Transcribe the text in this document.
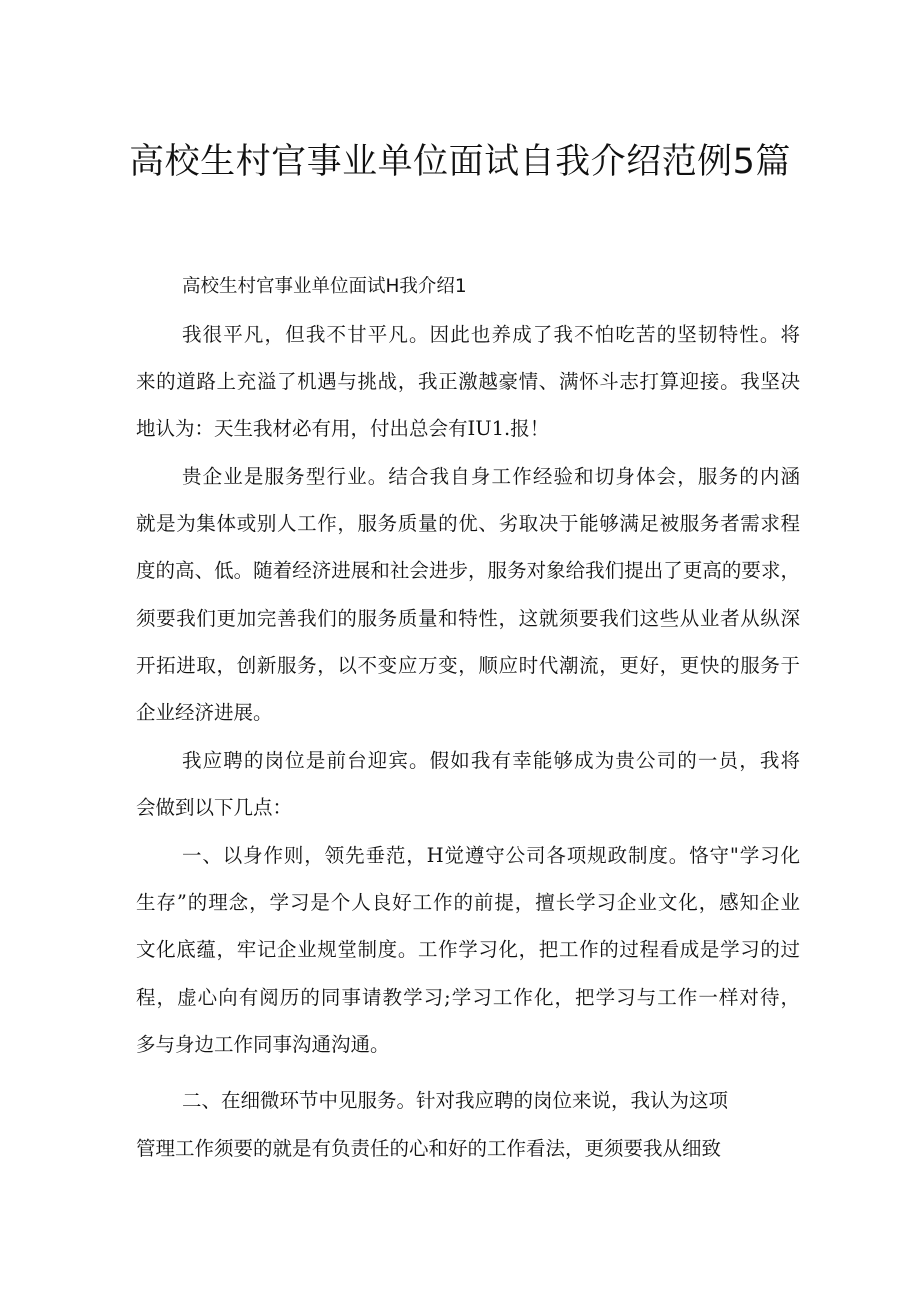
高校生村官事业单位面试自我介绍范例5篇

高校生村官事业单位面试H我介绍1

我很平凡，但我不甘平凡。因此也养成了我不怕吃苦的坚韧特性。将

来的道路上充溢了机遇与挑战，我正激越豪情、满怀斗志打算迎接。我坚决

地认为：天生我材必有用，付出总会有IU1.报！

贵企业是服务型行业。结合我自身工作经验和切身体会，服务的内涵

就是为集体或别人工作，服务质量的优、劣取决于能够满足被服务者需求程

度的高、低。随着经济进展和社会进步，服务对象给我们提出了更高的要求，

须要我们更加完善我们的服务质量和特性，这就须要我们这些从业者从纵深

开拓进取，创新服务，以不变应万变，顺应时代潮流，更好，更快的服务于

企业经济进展。

我应聘的岗位是前台迎宾。假如我有幸能够成为贵公司的一员，我将

会做到以下几点：

一、以身作则，领先垂范，H觉遵守公司各项规政制度。恪守"学习化

生存”的理念，学习是个人良好工作的前提，擅长学习企业文化，感知企业

文化底蕴，牢记企业规堂制度。工作学习化，把工作的过程看成是学习的过

程，虚心向有阅历的同事请教学习;学习工作化，把学习与工作一样对待，

多与身边工作同事沟通沟通。

二、在细微环节中见服务。针对我应聘的岗位来说，我认为这项

管理工作须要的就是有负责任的心和好的工作看法，更须要我从细致
